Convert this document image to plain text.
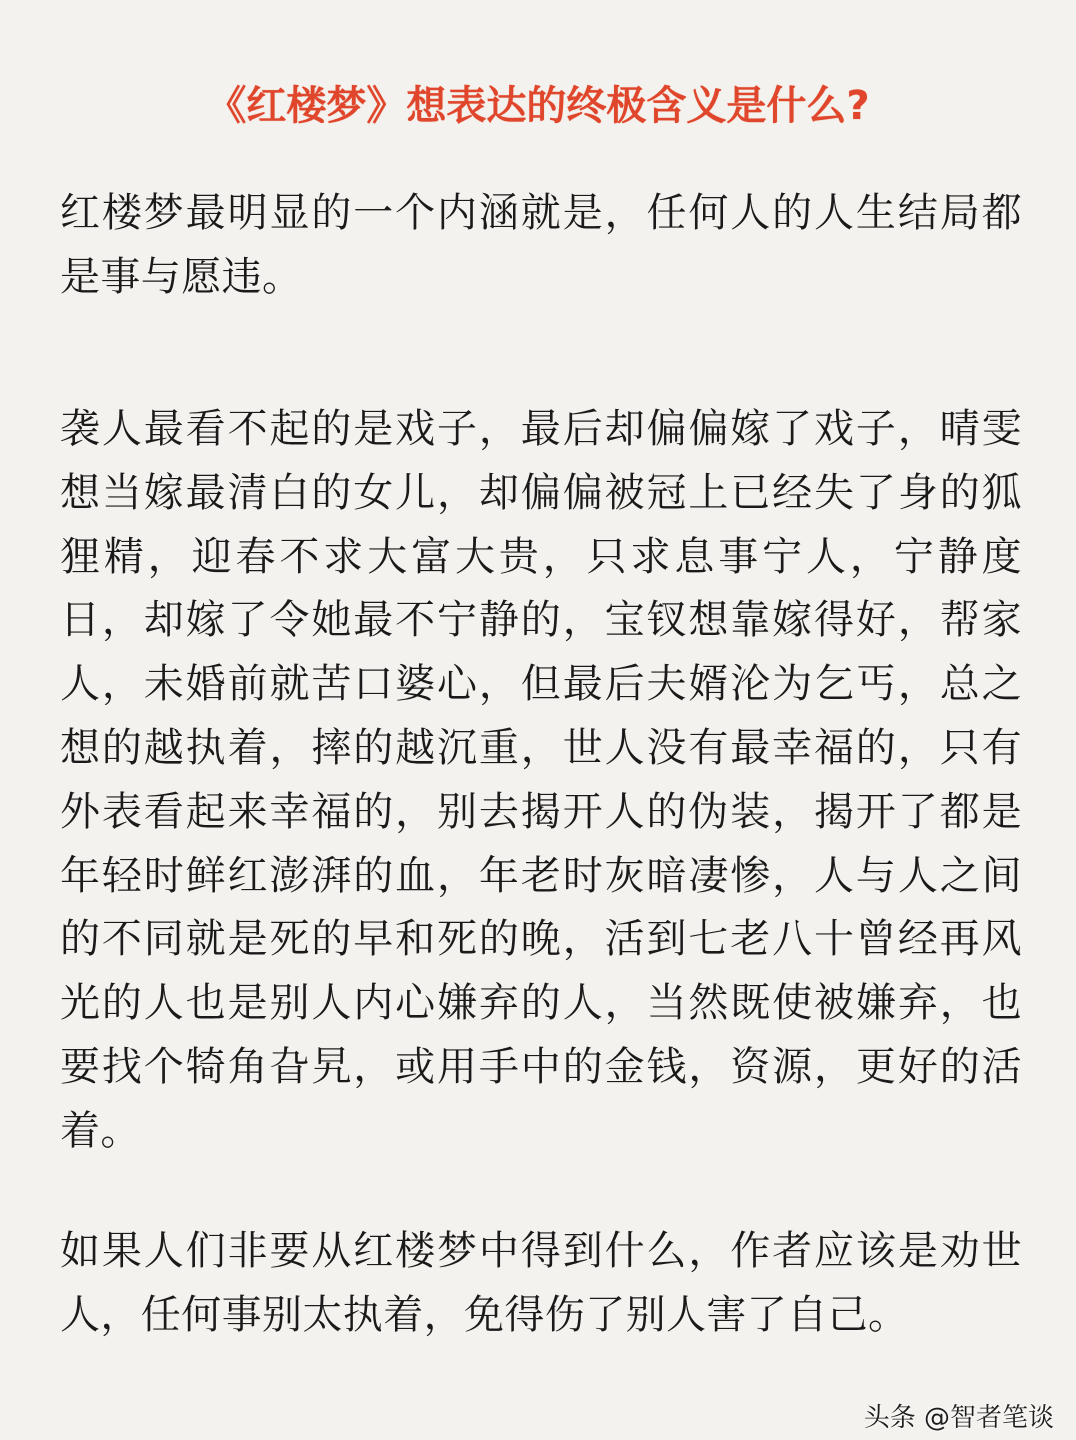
《红楼梦》想表达的终极含义是什么?

红楼梦最明显的一个内涵就是，任何人的人生结局都是事与愿违。

袭人最看不起的是戏子，最后却偏偏嫁了戏子，晴雯想当嫁最清白的女儿，却偏偏被冠上已经失了身的狐狸精，迎春不求大富大贵，只求息事宁人，宁静度日，却嫁了令她最不宁静的，宝钗想靠嫁得好，帮家人，未婚前就苦口婆心，但最后夫婿沦为乞丐，总之想的越执着，摔的越沉重，世人没有最幸福的，只有外表看起来幸福的，别去揭开人的伪装，揭开了都是年轻时鲜红澎湃的血，年老时灰暗凄惨，人与人之间的不同就是死的早和死的晚，活到七老八十曾经再风光的人也是别人内心嫌弃的人，当然既使被嫌弃，也要找个犄角旮旯，或用手中的金钱，资源，更好的活着。

如果人们非要从红楼梦中得到什么，作者应该是劝世人，任何事别太执着，免得伤了别人害了自己。

头条 @智者笔谈
